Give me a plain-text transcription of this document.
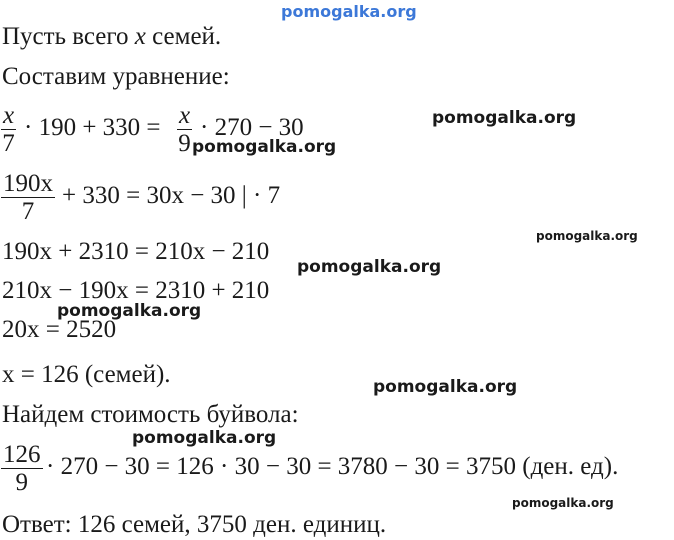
pomogalka.org
pomogalka.org
pomogalka.org
pomogalka.org
pomogalka.org
pomogalka.org
pomogalka.org
pomogalka.org
pomogalka.org
Пусть всего x семей.
Составим уравнение:
$\frac{x}{7} \cdot 190 + 330 = \frac{x}{9} \cdot 270 - 30$
$\frac{190x}{7} + 330 = 30x - 30$ | · 7
190x + 2310 = 210x − 210
210x − 190x = 2310 + 210
20x = 2520
x = 126 (семей).
Найдем стоимость буйвола:
$\frac{126}{9} \cdot 270 - 30 = 126 \cdot 30 - 30 = 3780 - 30 = 3750$ (ден. ед).
Ответ: 126 семей, 3750 ден. единиц.
